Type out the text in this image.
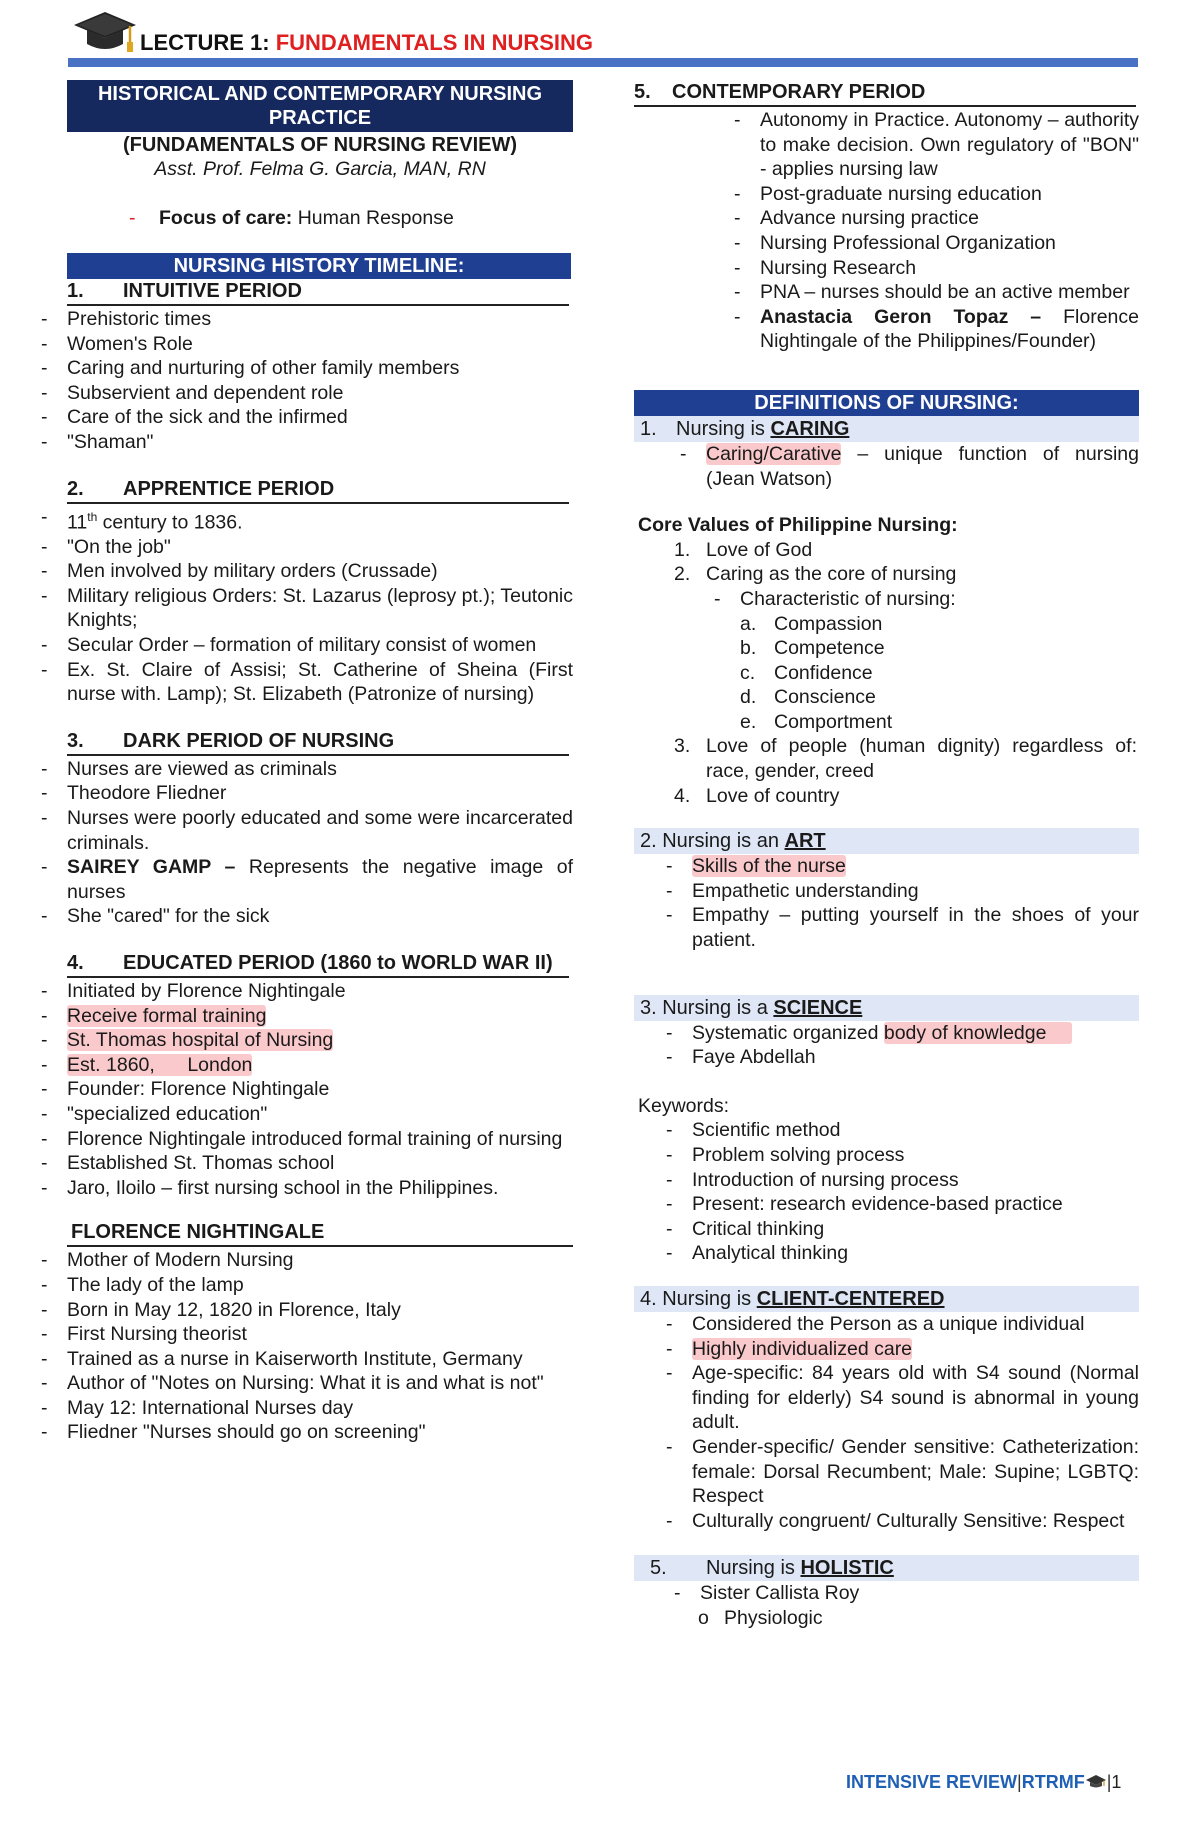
LECTURE 1: FUNDAMENTALS IN NURSING
HISTORICAL AND CONTEMPORARY NURSING PRACTICE
(FUNDAMENTALS OF NURSING REVIEW)
Asst. Prof. Felma G. Garcia, MAN, RN
- Focus of care: Human Response
NURSING HISTORY TIMELINE:
1.	INTUITIVE PERIOD
- Prehistoric times
- Women's Role
- Caring and nurturing of other family members
- Subservient and dependent role
- Care of the sick and the infirmed
- "Shaman"
2.	APPRENTICE PERIOD
- 11th century to 1836.
- "On the job"
- Men involved by military orders (Crussade)
- Military religious Orders: St. Lazarus (leprosy pt.); Teutonic Knights;
- Secular Order – formation of military consist of women
- Ex. St. Claire of Assisi; St. Catherine of Sheina (First nurse with. Lamp); St. Elizabeth (Patronize of nursing)
3.	DARK PERIOD OF NURSING
- Nurses are viewed as criminals
- Theodore Fliedner
- Nurses were poorly educated and some were incarcerated criminals.
- SAIREY GAMP – Represents the negative image of nurses
- She "cared" for the sick
4.	EDUCATED PERIOD (1860 to WORLD WAR II)
- Initiated by Florence Nightingale
- Receive formal training
- St. Thomas hospital of Nursing
- Est. 1860,      London
- Founder: Florence Nightingale
- "specialized education"
- Florence Nightingale introduced formal training of nursing
- Established St. Thomas school
- Jaro, Iloilo – first nursing school in the Philippines.
FLORENCE NIGHTINGALE
- Mother of Modern Nursing
- The lady of the lamp
- Born in May 12, 1820 in Florence, Italy
- First Nursing theorist
- Trained as a nurse in Kaiserworth Institute, Germany
- Author of "Notes on Nursing: What it is and what is not"
- May 12: International Nurses day
- Fliedner "Nurses should go on screening"
5.	CONTEMPORARY PERIOD
- Autonomy in Practice. Autonomy – authority to make decision. Own regulatory of "BON" - applies nursing law
- Post-graduate nursing education
- Advance nursing practice
- Nursing Professional Organization
- Nursing Research
- PNA – nurses should be an active member
- Anastacia Geron Topaz – Florence Nightingale of the Philippines/Founder)
DEFINITIONS OF NURSING:
1. Nursing is CARING
- Caring/Carative – unique function of nursing (Jean Watson)
Core Values of Philippine Nursing:
1. Love of God
2. Caring as the core of nursing
- Characteristic of nursing:
a. Compassion
b. Competence
c. Confidence
d. Conscience
e. Comportment
3. Love of people (human dignity) regardless of: race, gender, creed
4. Love of country
2. Nursing is an ART
- Skills of the nurse
- Empathetic understanding
- Empathy – putting yourself in the shoes of your patient.
3. Nursing is a SCIENCE
- Systematic organized body of knowledge
- Faye Abdellah
Keywords:
- Scientific method
- Problem solving process
- Introduction of nursing process
- Present: research evidence-based practice
- Critical thinking
- Analytical thinking
4. Nursing is CLIENT-CENTERED
- Considered the Person as a unique individual
- Highly individualized care
- Age-specific: 84 years old with S4 sound (Normal finding for elderly) S4 sound is abnormal in young adult.
- Gender-specific/ Gender sensitive: Catheterization: female: Dorsal Recumbent; Male: Supine; LGBTQ: Respect
- Culturally congruent/ Culturally Sensitive: Respect
5. Nursing is HOLISTIC
- Sister Callista Roy
o Physiologic
INTENSIVE REVIEW|RTRMF |1
